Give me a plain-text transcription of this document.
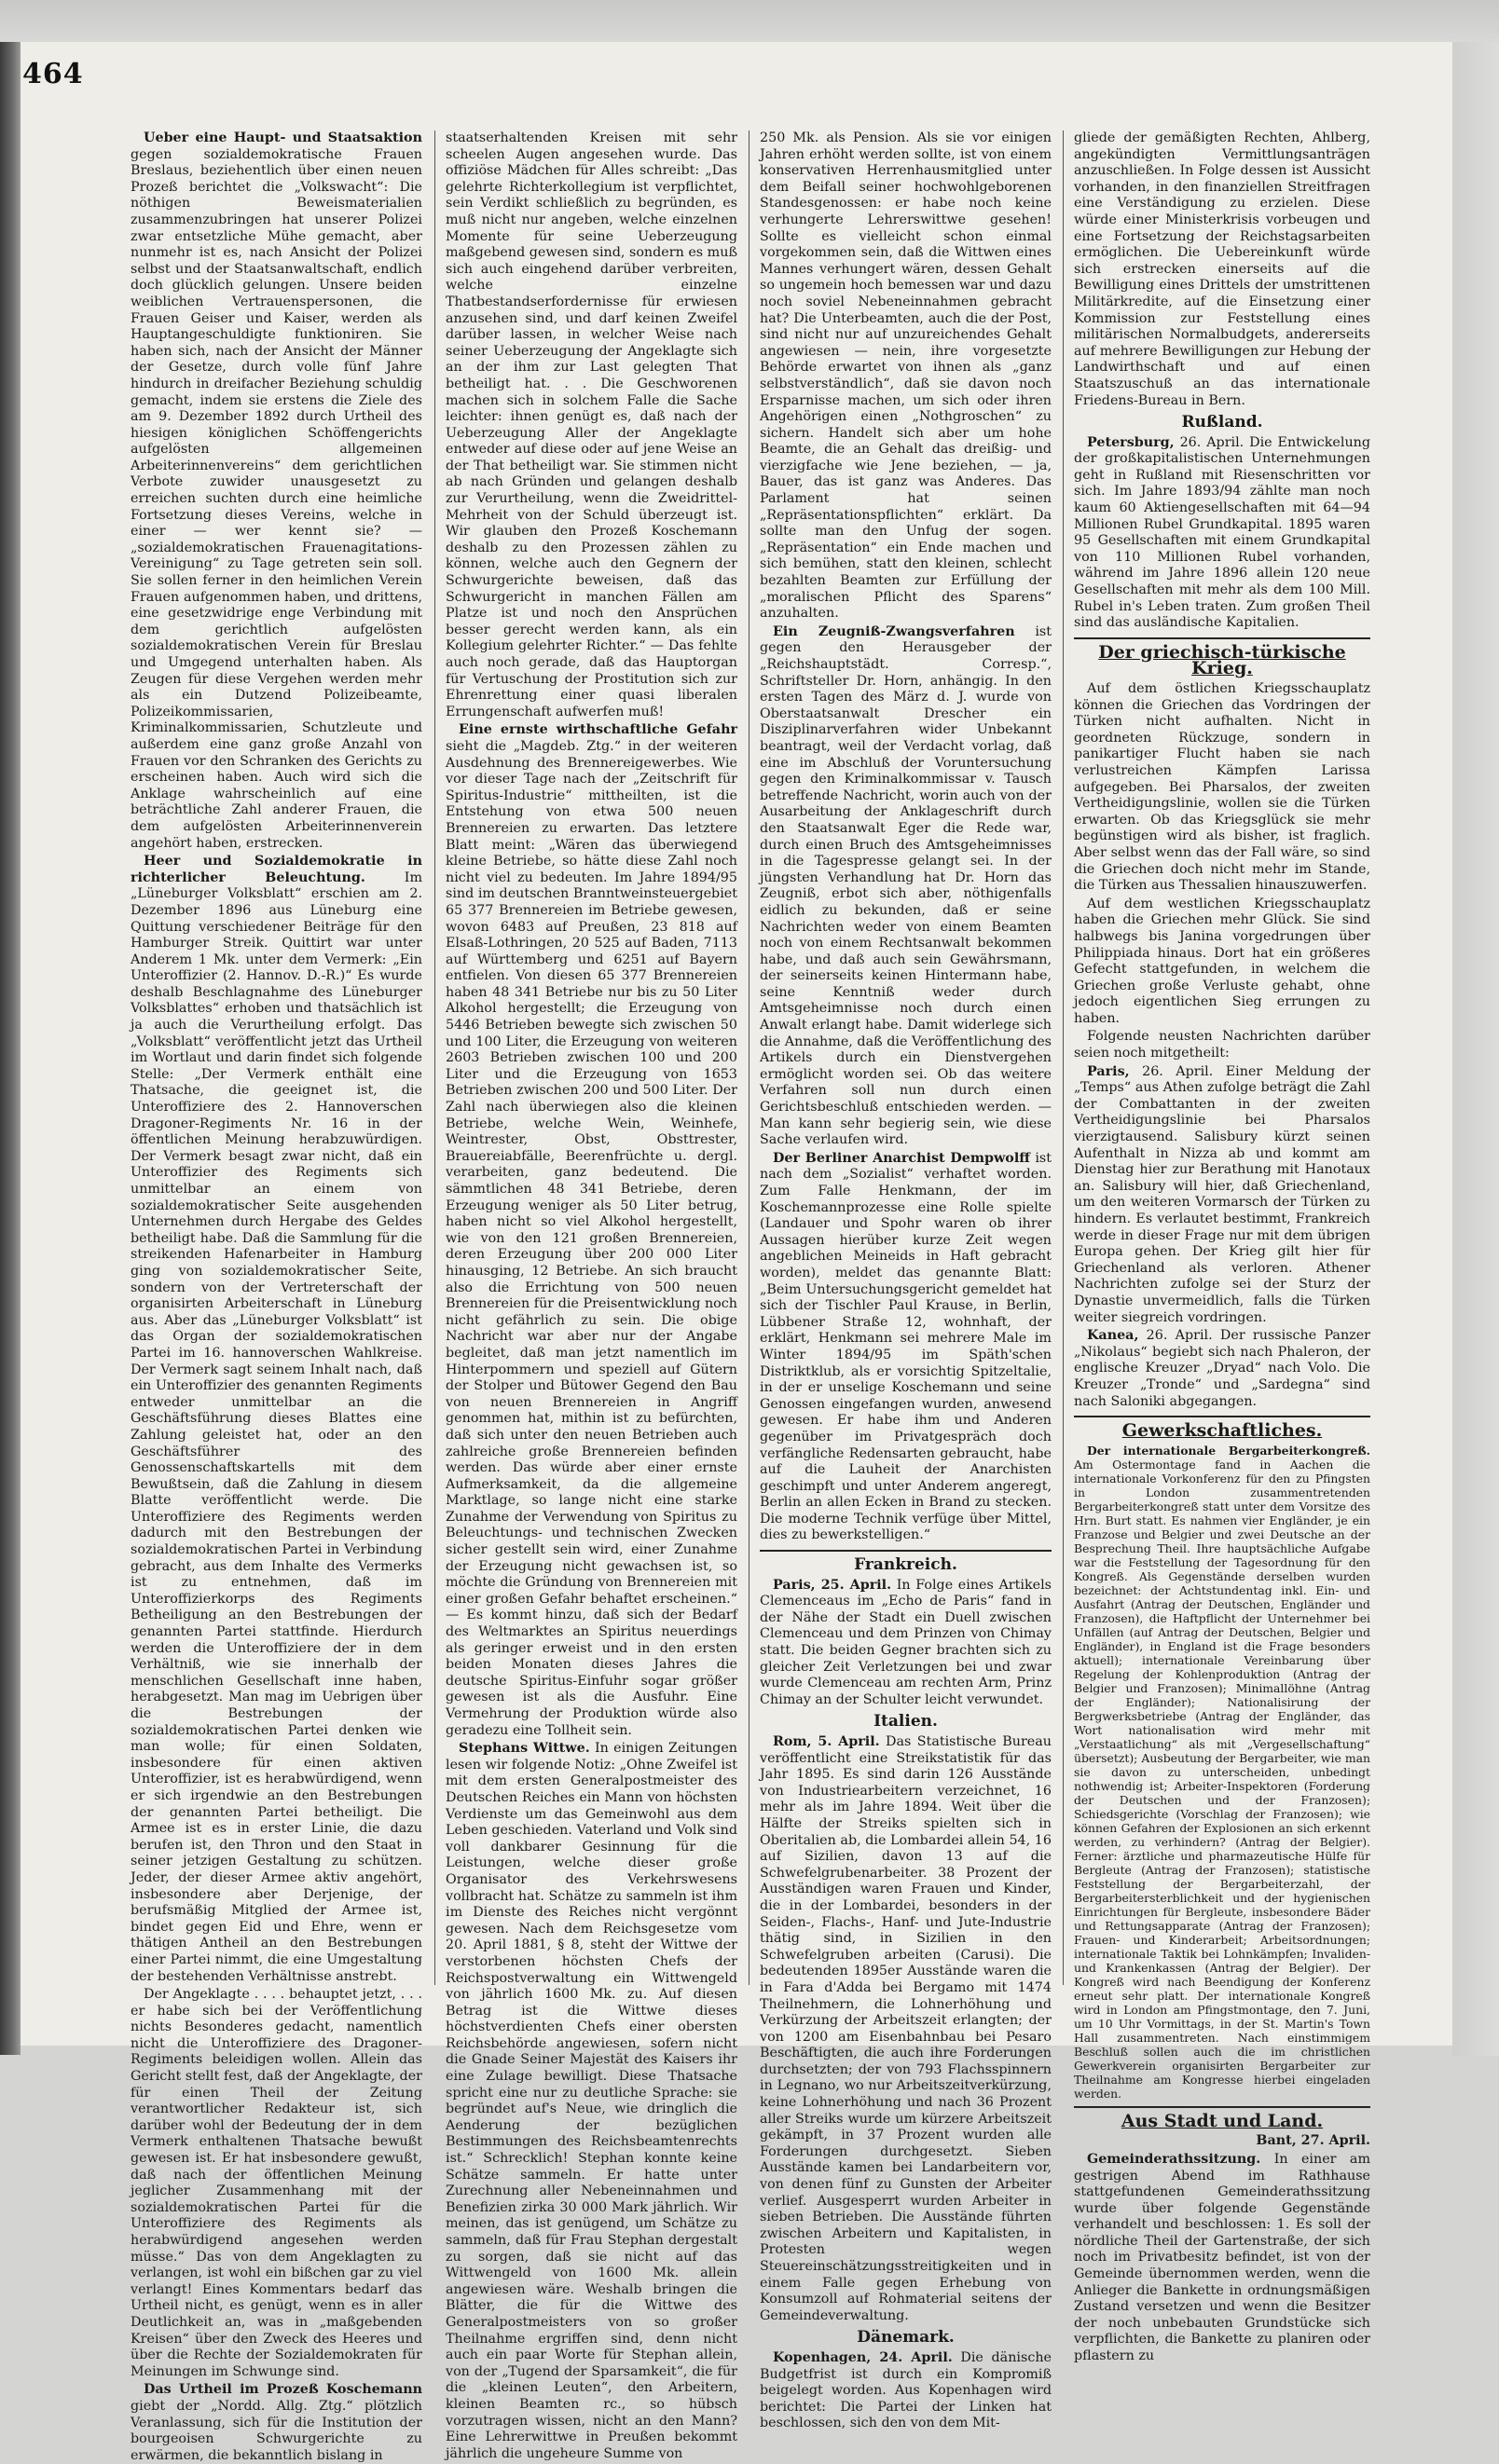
464

Ueber eine Haupt- und Staatsaktion gegen sozialdemokratische Frauen Breslaus, beziehentlich über einen neuen Prozeß berichtet die „Volkswacht“: Die nöthigen Beweismaterialien zusammenzubringen hat unserer Polizei zwar entsetzliche Mühe gemacht, aber nunmehr ist es, nach Ansicht der Polizei selbst und der Staatsanwaltschaft, endlich doch glücklich gelungen. Unsere beiden weiblichen Vertrauenspersonen, die Frauen Geiser und Kaiser, werden als Hauptangeschuldigte funktioniren. Sie haben sich, nach der Ansicht der Männer der Gesetze, durch volle fünf Jahre hindurch in dreifacher Beziehung schuldig gemacht, indem sie erstens die Ziele des am 9. Dezember 1892 durch Urtheil des hiesigen königlichen Schöffengerichts aufgelösten allgemeinen Arbeiterinnenvereins“ dem gerichtlichen Verbote zuwider unausgesetzt zu erreichen suchten durch eine heimliche Fortsetzung dieses Vereins, welche in einer — wer kennt sie? — „sozialdemokratischen Frauenagitations-Vereinigung“ zu Tage getreten sein soll. Sie sollen ferner in den heimlichen Verein Frauen aufgenommen haben, und drittens, eine gesetzwidrige enge Verbindung mit dem gerichtlich aufgelösten sozialdemokratischen Verein für Breslau und Umgegend unterhalten haben. Als Zeugen für diese Vergehen werden mehr als ein Dutzend Polizeibeamte, Polizeikommissarien, Kriminalkommissarien, Schutzleute und außerdem eine ganz große Anzahl von Frauen vor den Schranken des Gerichts zu erscheinen haben. Auch wird sich die Anklage wahrscheinlich auf eine beträchtliche Zahl anderer Frauen, die dem aufgelösten Arbeiterinnenverein angehört haben, erstrecken.

Heer und Sozialdemokratie in richterlicher Beleuchtung.	Im „Lüneburger Volksblatt“ erschien am 2. Dezember 1896 aus Lüneburg eine Quittung verschiedener Beiträge für den Hamburger Streik. Quittirt war unter Anderem 1 Mk. unter dem Vermerk: „Ein Unteroffizier (2. Hannov. D.-R.)“ Es wurde deshalb Beschlagnahme des Lüneburger Volksblattes“ erhoben und thatsächlich ist ja auch die Verurtheilung erfolgt. Das „Volksblatt“ veröffentlicht jetzt das Urtheil im Wortlaut und darin findet sich folgende Stelle: „Der Vermerk enthält eine Thatsache, die geeignet ist, die Unteroffiziere des 2. Hannoverschen Dragoner-Regiments Nr. 16 in der öffentlichen Meinung herabzuwürdigen. Der Vermerk besagt zwar nicht, daß ein Unteroffizier des Regiments sich unmittelbar an einem von sozialdemokratischer Seite ausgehenden Unternehmen durch Hergabe des Geldes betheiligt habe. Daß die Sammlung für die streikenden Hafenarbeiter in Hamburg ging von sozialdemokratischer Seite, sondern von der Vertreterschaft der organisirten Arbeiterschaft in Lüneburg aus. Aber das „Lüneburger Volksblatt“ ist das Organ der sozialdemokratischen Partei im 16. hannoverschen Wahlkreise. Der Vermerk sagt seinem Inhalt nach, daß ein Unteroffizier des genannten Regiments entweder unmittelbar an die Geschäftsführung dieses Blattes eine Zahlung geleistet hat, oder an den Geschäftsführer des Genossenschaftskartells mit dem Bewußtsein, daß die Zahlung in diesem Blatte veröffentlicht werde. Die Unteroffiziere des Regiments werden dadurch mit den Bestrebungen der sozialdemokratischen Partei in Verbindung gebracht, aus dem Inhalte des Vermerks ist zu entnehmen, daß im Unteroffizierkorps des Regiments Betheiligung an den Bestrebungen der genannten Partei stattfinde. Hierdurch werden die Unteroffiziere der in dem Verhältniß, wie sie innerhalb der menschlichen Gesellschaft inne haben, herabgesetzt. Man mag im Uebrigen über die Bestrebungen der sozialdemokratischen Partei denken wie man wolle; für einen Soldaten, insbesondere für einen aktiven Unteroffizier, ist es herabwürdigend, wenn er sich irgendwie an den Bestrebungen der genannten Partei betheiligt. Die Armee ist es in erster Linie, die dazu berufen ist, den Thron und den Staat in seiner jetzigen Gestaltung zu schützen. Jeder, der dieser Armee aktiv angehört, insbesondere aber Derjenige, der berufsmäßig Mitglied der Armee ist, bindet gegen Eid und Ehre, wenn er thätigen Antheil an den Bestrebungen einer Partei nimmt, die eine Umgestaltung der bestehenden Verhältnisse anstrebt.

Der Angeklagte . . . . behauptet jetzt, . . . er habe sich bei der Veröffentlichung nichts Besonderes gedacht, namentlich nicht die Unteroffiziere des Dragoner-Regiments beleidigen wollen. Allein das Gericht stellt fest, daß der Angeklagte, der für einen Theil der Zeitung verantwortlicher Redakteur ist, sich darüber wohl der Bedeutung der in dem Vermerk enthaltenen Thatsache bewußt gewesen ist. Er hat insbesondere gewußt, daß nach der öffentlichen Meinung jeglicher Zusammenhang mit der sozialdemokratischen Partei für die Unteroffiziere des Regiments als herabwürdigend angesehen werden müsse.“ Das von dem Angeklagten zu verlangen, ist wohl ein bißchen gar zu viel verlangt! Eines Kommentars bedarf das Urtheil nicht, es genügt, wenn es in aller Deutlichkeit an, was in „maßgebenden Kreisen“ über den Zweck des Heeres und über die Rechte der Sozialdemokraten für Meinungen im Schwunge sind.

Das Urtheil im Prozeß Koschemann giebt der „Nordd. Allg. Ztg.“ plötzlich Veranlassung, sich für die Institution der bourgeoisen Schwurgerichte zu erwärmen, die bekanntlich bislang in

staatserhaltenden Kreisen mit sehr scheelen Augen angesehen wurde. Das offiziöse Mädchen für Alles schreibt: „Das gelehrte Richterkollegium ist verpflichtet, sein Verdikt schließlich zu begründen, es muß nicht nur angeben, welche einzelnen Momente für seine Ueberzeugung maßgebend gewesen sind, sondern es muß sich auch eingehend darüber verbreiten, welche einzelne Thatbestandserfordernisse für erwiesen anzusehen sind, und darf keinen Zweifel darüber lassen, in welcher Weise nach seiner Ueberzeugung der Angeklagte sich an der ihm zur Last gelegten That betheiligt hat. . . Die Geschworenen machen sich in solchem Falle die Sache leichter: ihnen genügt es, daß nach der Ueberzeugung Aller der Angeklagte entweder auf diese oder auf jene Weise an der That betheiligt war. Sie stimmen nicht ab nach Gründen und gelangen deshalb zur Verurtheilung, wenn die Zweidrittel-Mehrheit von der Schuld überzeugt ist. Wir glauben den Prozeß Koschemann deshalb zu den Prozessen zählen zu können, welche auch den Gegnern der Schwurgerichte beweisen, daß das Schwurgericht in manchen Fällen am Platze ist und noch den Ansprüchen besser gerecht werden kann, als ein Kollegium gelehrter Richter.“ — Das fehlte auch noch gerade, daß das Hauptorgan für Vertuschung der Prostitution sich zur Ehrenrettung einer quasi liberalen Errungenschaft aufwerfen muß!

Eine ernste wirthschaftliche Gefahr sieht die „Magdeb. Ztg.“ in der weiteren Ausdehnung des Brennereigewerbes. Wie vor dieser Tage nach der „Zeitschrift für Spiritus-Industrie“ mittheilten, ist die Entstehung von etwa 500 neuen Brennereien zu erwarten. Das letztere Blatt meint: „Wären das überwiegend kleine Betriebe, so hätte diese Zahl noch nicht viel zu bedeuten. Im Jahre 1894/95 sind im deutschen Branntweinsteuergebiet 65 377 Brennereien im Betriebe gewesen, wovon 6483 auf Preußen, 23 818 auf Elsaß-Lothringen, 20 525 auf Baden, 7113 auf Württemberg und 6251 auf Bayern entfielen. Von diesen 65 377 Brennereien haben 48 341 Betriebe nur bis zu 50 Liter Alkohol hergestellt; die Erzeugung von 5446 Betrieben bewegte sich zwischen 50 und 100 Liter, die Erzeugung von weiteren 2603 Betrieben zwischen 100 und 200 Liter und die Erzeugung von 1653 Betrieben zwischen 200 und 500 Liter. Der Zahl nach überwiegen also die kleinen Betriebe, welche Wein, Weinhefe, Weintrester, Obst, Obsttrester, Brauereiabfälle, Beerenfrüchte u. dergl. verarbeiten, ganz bedeutend. Die sämmtlichen 48 341 Betriebe, deren Erzeugung weniger als 50 Liter betrug, haben nicht so viel Alkohol hergestellt, wie von den 121 großen Brennereien, deren Erzeugung über 200 000 Liter hinausging, 12 Betriebe. An sich braucht also die Errichtung von 500 neuen Brennereien für die Preisentwicklung noch nicht gefährlich zu sein. Die obige Nachricht war aber nur der Angabe begleitet, daß man jetzt namentlich im Hinterpommern und speziell auf Gütern der Stolper und Bütower Gegend den Bau von neuen Brennereien in Angriff genommen hat, mithin ist zu befürchten, daß sich unter den neuen Betrieben auch zahlreiche große Brennereien befinden werden. Das würde aber einer ernste Aufmerksamkeit, da die allgemeine Marktlage, so lange nicht eine starke Zunahme der Verwendung von Spiritus zu Beleuchtungs- und technischen Zwecken sicher gestellt sein wird, einer Zunahme der Erzeugung nicht gewachsen ist, so möchte die Gründung von Brennereien mit einer großen Gefahr behaftet erscheinen.“ — Es kommt hinzu, daß sich der Bedarf des Weltmarktes an Spiritus neuerdings als geringer erweist und in den ersten beiden Monaten dieses Jahres die deutsche Spiritus-Einfuhr sogar größer gewesen ist als die Ausfuhr. Eine Vermehrung der Produktion würde also geradezu eine Tollheit sein.

Stephans Wittwe. In einigen Zeitungen lesen wir folgende Notiz: „Ohne Zweifel ist mit dem ersten Generalpostmeister des Deutschen Reiches ein Mann von höchsten Verdienste um das Gemeinwohl aus dem Leben geschieden. Vaterland und Volk sind voll dankbarer Gesinnung für die Leistungen, welche dieser große Organisator des Verkehrswesens vollbracht hat. Schätze zu sammeln ist ihm im Dienste des Reiches nicht vergönnt gewesen. Nach dem Reichsgesetze vom 20. April 1881, § 8, steht der Wittwe der verstorbenen höchsten Chefs der Reichspostverwaltung ein Wittwengeld von jährlich 1600 Mk. zu. Auf diesen Betrag ist die Wittwe dieses höchstverdienten Chefs einer obersten Reichsbehörde angewiesen, sofern nicht die Gnade Seiner Majestät des Kaisers ihr eine Zulage bewilligt. Diese Thatsache spricht eine nur zu deutliche Sprache: sie begründet auf's Neue, wie dringlich die Aenderung der bezüglichen Bestimmungen des Reichsbeamtenrechts ist.“ Schrecklich! Stephan konnte keine Schätze sammeln. Er hatte unter Zurechnung aller Nebeneinnahmen und Benefizien zirka 30 000 Mark jährlich. Wir meinen, das ist genügend, um Schätze zu sammeln, daß für Frau Stephan dergestalt zu sorgen, daß sie nicht auf das Wittwengeld von 1600 Mk. allein angewiesen wäre. Weshalb bringen die Blätter, die für die Wittwe des Generalpostmeisters von so großer Theilnahme ergriffen sind, denn nicht auch ein paar Worte für Stephan allein, von der „Tugend der Sparsamkeit“, die für die „kleinen Leuten“, den Arbeitern, kleinen Beamten rc., so hübsch vorzutragen wissen, nicht an den Mann? Eine Lehrerwittwe in Preußen bekommt jährlich die ungeheure Summe von

250 Mk. als Pension. Als sie vor einigen Jahren erhöht werden sollte, ist von einem konservativen Herrenhausmitglied unter dem Beifall seiner hochwohlgeborenen Standesgenossen: er habe noch keine verhungerte Lehrerswittwe gesehen! Sollte es vielleicht schon einmal vorgekommen sein, daß die Wittwen eines Mannes verhungert wären, dessen Gehalt so ungemein hoch bemessen war und dazu noch soviel Nebeneinnahmen gebracht hat? Die Unterbeamten, auch die der Post, sind nicht nur auf unzureichendes Gehalt angewiesen — nein, ihre vorgesetzte Behörde erwartet von ihnen als „ganz selbstverständlich“, daß sie davon noch Ersparnisse machen, um sich oder ihren Angehörigen einen „Nothgroschen“ zu sichern. Handelt sich aber um hohe Beamte, die an Gehalt das dreißig- und vierzigfache wie Jene beziehen, — ja, Bauer, das ist ganz was Anderes. Das Parlament hat seinen „Repräsentationspflichten“ erklärt. Da sollte man den Unfug der sogen. „Repräsentation“ ein Ende machen und sich bemühen, statt den kleinen, schlecht bezahlten Beamten zur Erfüllung der „moralischen Pflicht des Sparens“ anzuhalten.

Ein Zeugniß-Zwangsverfahren ist gegen den Herausgeber der „Reichshauptstädt. Corresp.“, Schriftsteller Dr. Horn, anhängig. In den ersten Tagen des März d. J. wurde von Oberstaatsanwalt Drescher ein Disziplinarverfahren wider Unbekannt beantragt, weil der Verdacht vorlag, daß eine im Abschluß der Voruntersuchung gegen den Kriminalkommissar v. Tausch betreffende Nachricht, worin auch von der Ausarbeitung der Anklageschrift durch den Staatsanwalt Eger die Rede war, durch einen Bruch des Amtsgeheimnisses in die Tagespresse gelangt sei. In der jüngsten Verhandlung hat Dr. Horn das Zeugniß, erbot sich aber, nöthigenfalls eidlich zu bekunden, daß er seine Nachrichten weder von einem Beamten noch von einem Rechtsanwalt bekommen habe, und daß auch sein Gewährsmann, der seinerseits keinen Hintermann habe, seine Kenntniß weder durch Amtsgeheimnisse noch durch einen Anwalt erlangt habe. Damit widerlege sich die Annahme, daß die Veröffentlichung des Artikels durch ein Dienstvergehen ermöglicht worden sei. Ob das weitere Verfahren soll nun durch einen Gerichtsbeschluß entschieden werden. — Man kann sehr begierig sein, wie diese Sache verlaufen wird.

Der Berliner Anarchist Dempwolff ist nach dem „Sozialist“ verhaftet worden. Zum Falle Henkmann, der im Koschemannprozesse eine Rolle spielte (Landauer und Spohr waren ob ihrer Aussagen hierüber kurze Zeit wegen angeblichen Meineids in Haft gebracht worden), meldet das genannte Blatt: „Beim Untersuchungsgericht gemeldet hat sich der Tischler Paul Krause, in Berlin, Lübbener Straße 12, wohnhaft, der erklärt, Henkmann sei mehrere Male im Winter 1894/95 im Späth'schen Distriktklub, als er vorsichtig Spitzeltalie, in der er unselige Koschemann und seine Genossen eingefangen wurden, anwesend gewesen. Er habe ihm und Anderen gegenüber im Privatgespräch doch verfängliche Redensarten gebraucht, habe auf die Lauheit der Anarchisten geschimpft und unter Anderem angeregt, Berlin an allen Ecken in Brand zu stecken. Die moderne Technik verfüge über Mittel, dies zu bewerkstelligen.“

Frankreich.

Paris, 25. April. In Folge eines Artikels Clemenceaus im „Echo de Paris“ fand in der Nähe der Stadt ein Duell zwischen Clemenceau und dem Prinzen von Chimay statt. Die beiden Gegner brachten sich zu gleicher Zeit Verletzungen bei und zwar wurde Clemenceau am rechten Arm, Prinz Chimay an der Schulter leicht verwundet.

Italien.

Rom, 5. April. Das Statistische Bureau veröffentlicht eine Streikstatistik für das Jahr 1895. Es sind darin 126 Ausstände von Industriearbeitern verzeichnet, 16 mehr als im Jahre 1894. Weit über die Hälfte der Streiks spielten sich in Oberitalien ab, die Lombardei allein 54, 16 auf Sizilien, davon 13 auf die Schwefelgrubenarbeiter. 38 Prozent der Ausständigen waren Frauen und Kinder, die in der Lombardei, besonders in der Seiden-, Flachs-, Hanf- und Jute-Industrie thätig sind, in Sizilien in den Schwefelgruben arbeiten (Carusi). Die bedeutenden 1895er Ausstände waren die in Fara d'Adda bei Bergamo mit 1474 Theilnehmern, die Lohnerhöhung und Verkürzung der Arbeitszeit erlangten; der von 1200 am Eisenbahnbau bei Pesaro Beschäftigten, die auch ihre Forderungen durchsetzten; der von 793 Flachsspinnern in Legnano, wo nur Arbeitszeitverkürzung, keine Lohnerhöhung und nach 36 Prozent aller Streiks wurde um kürzere Arbeitszeit gekämpft, in 37 Prozent wurden alle Forderungen durchgesetzt. Sieben Ausstände kamen bei Landarbeitern vor, von denen fünf zu Gunsten der Arbeiter verlief. Ausgesperrt wurden Arbeiter in sieben Betrieben. Die Ausstände führten zwischen Arbeitern und Kapitalisten, in Protesten wegen Steuereinschätzungsstreitigkeiten und in einem Falle gegen Erhebung von Konsumzoll auf Rohmaterial seitens der Gemeindeverwaltung.

Dänemark.

Kopenhagen, 24. April. Die dänische Budgetfrist ist durch ein Kompromiß beigelegt worden. Aus Kopenhagen wird berichtet: Die Partei der Linken hat beschlossen, sich den von dem Mit-

gliede der gemäßigten Rechten, Ahlberg, angekündigten Vermittlungsanträgen anzuschließen. In Folge dessen ist Aussicht vorhanden, in den finanziellen Streitfragen eine Verständigung zu erzielen. Diese würde einer Ministerkrisis vorbeugen und eine Fortsetzung der Reichstagsarbeiten ermöglichen. Die Uebereinkunft würde sich erstrecken einerseits auf die Bewilligung eines Drittels der umstrittenen Militärkredite, auf die Einsetzung einer Kommission zur Feststellung eines militärischen Normalbudgets, andererseits auf mehrere Bewilligungen zur Hebung der Landwirthschaft und auf einen Staatszuschuß an das internationale Friedens-Bureau in Bern.

Rußland.

Petersburg, 26. April. Die Entwickelung der großkapitalistischen Unternehmungen geht in Rußland mit Riesenschritten vor sich. Im Jahre 1893/94 zählte man noch kaum 60 Aktiengesellschaften mit 64—94 Millionen Rubel Grundkapital. 1895 waren 95 Gesellschaften mit einem Grundkapital von 110 Millionen Rubel vorhanden, während im Jahre 1896 allein 120 neue Gesellschaften mit mehr als dem 100 Mill. Rubel in's Leben traten. Zum großen Theil sind das ausländische Kapitalien.

Der griechisch-türkische Krieg.

Auf dem östlichen Kriegsschauplatz können die Griechen das Vordringen der Türken nicht aufhalten. Nicht in geordneten Rückzuge, sondern in panikartiger Flucht haben sie nach verlustreichen Kämpfen Larissa aufgegeben. Bei Pharsalos, der zweiten Vertheidigungslinie, wollen sie die Türken erwarten. Ob das Kriegsglück sie mehr begünstigen wird als bisher, ist fraglich. Aber selbst wenn das der Fall wäre, so sind die Griechen doch nicht mehr im Stande, die Türken aus Thessalien hinauszuwerfen.

Auf dem westlichen Kriegsschauplatz haben die Griechen mehr Glück. Sie sind halbwegs bis Janina vorgedrungen über Philippiada hinaus. Dort hat ein größeres Gefecht stattgefunden, in welchem die Griechen große Verluste gehabt, ohne jedoch eigentlichen Sieg errungen zu haben.

Folgende neusten Nachrichten darüber seien noch mitgetheilt:

Paris, 26. April. Einer Meldung der „Temps“ aus Athen zufolge beträgt die Zahl der Combattanten in der zweiten Vertheidigungslinie bei Pharsalos vierzigtausend. Salisbury kürzt seinen Aufenthalt in Nizza ab und kommt am Dienstag hier zur Berathung mit Hanotaux an. Salisbury will hier, daß Griechenland, um den weiteren Vormarsch der Türken zu hindern. Es verlautet bestimmt, Frankreich werde in dieser Frage nur mit dem übrigen Europa gehen. Der Krieg gilt hier für Griechenland als verloren. Athener Nachrichten zufolge sei der Sturz der Dynastie unvermeidlich, falls die Türken weiter siegreich vordringen.

Kanea, 26. April. Der russische Panzer „Nikolaus“ begiebt sich nach Phaleron, der englische Kreuzer „Dryad“ nach Volo. Die Kreuzer „Tronde“ und „Sardegna“ sind nach Saloniki abgegangen.

Gewerkschaftliches.

Der internationale Bergarbeiterkongreß. Am Ostermontage fand in Aachen die internationale Vorkonferenz für den zu Pfingsten in London zusammentretenden Bergarbeiterkongreß statt unter dem Vorsitze des Hrn. Burt statt. Es nahmen vier Engländer, je ein Franzose und Belgier und zwei Deutsche an der Besprechung Theil. Ihre hauptsächliche Aufgabe war die Feststellung der Tagesordnung für den Kongreß. Als Gegenstände derselben wurden bezeichnet: der Achtstundentag inkl. Ein- und Ausfahrt (Antrag der Deutschen, Engländer und Franzosen), die Haftpflicht der Unternehmer bei Unfällen (auf Antrag der Deutschen, Belgier und Engländer), in England ist die Frage besonders aktuell); internationale Vereinbarung über Regelung der Kohlenproduktion (Antrag der Belgier und Franzosen); Minimallöhne (Antrag der Engländer); Nationalisirung der Bergwerksbetriebe (Antrag der Engländer, das Wort nationalisation wird mehr mit „Verstaatlichung“ als mit „Vergesellschaftung“ übersetzt); Ausbeutung der Bergarbeiter, wie man sie davon zu unterscheiden, unbedingt nothwendig ist; Arbeiter-Inspektoren (Forderung der Deutschen und der Franzosen); Schiedsgerichte (Vorschlag der Franzosen); wie können Gefahren der Explosionen an sich erkennt werden, zu verhindern? (Antrag der Belgier). Ferner: ärztliche und pharmazeutische Hülfe für Bergleute (Antrag der Franzosen); statistische Feststellung der Bergarbeiterzahl, der Bergarbeitersterblichkeit und der hygienischen Einrichtungen für Bergleute, insbesondere Bäder und Rettungsapparate (Antrag der Franzosen); Frauen- und Kinderarbeit; Arbeitsordnungen; internationale Taktik bei Lohnkämpfen; Invaliden- und Krankenkassen (Antrag der Belgier). Der Kongreß wird nach Beendigung der Konferenz erneut sehr platt. Der internationale Kongreß wird in London am Pfingstmontage, den 7. Juni, um 10 Uhr Vormittags, in der St. Martin's Town Hall zusammentreten. Nach einstimmigem Beschluß sollen auch die im christlichen Gewerkverein organisirten Bergarbeiter zur Theilnahme am Kongresse hierbei eingeladen werden.

Aus Stadt und Land.

Bant, 27. April.

Gemeinderathssitzung. In einer am gestrigen Abend im Rathhause stattgefundenen Gemeinderathssitzung wurde über folgende Gegenstände verhandelt und beschlossen: 1. Es soll der nördliche Theil der Gartenstraße, der sich noch im Privatbesitz befindet, ist von der Gemeinde übernommen werden, wenn die Anlieger die Bankette in ordnungsmäßigen Zustand versetzen und wenn die Besitzer der noch unbebauten Grundstücke sich verpflichten, die Bankette zu planiren oder pflastern zu
